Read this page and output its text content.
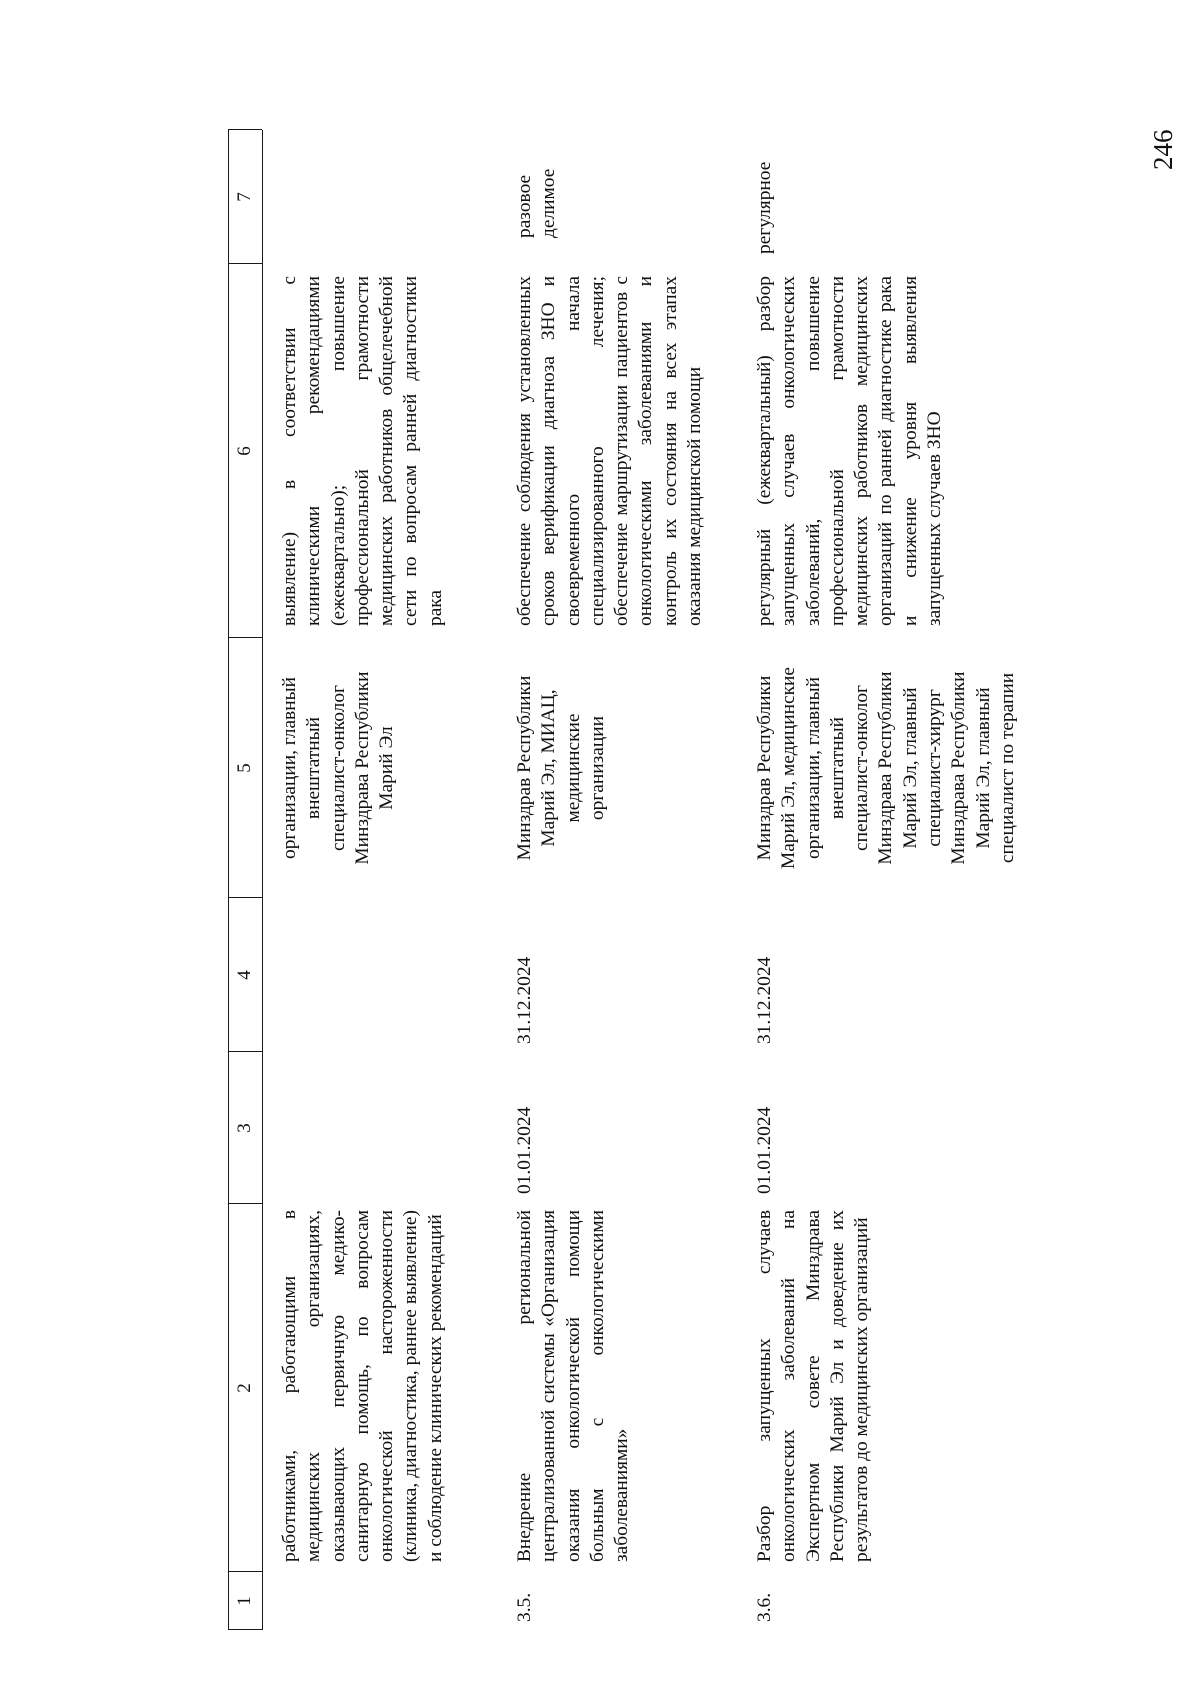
246
1
2
3
4
5
6
7
работниками, работающими в медицинских организациях, оказывающих первичную медико-санитарную помощь, по вопросам онкологической настороженности (клиника, диагностика, раннее выявление) и соблюдение клинических рекомендаций
организации, главный внештатный специалист-онколог Минздрава Республики Марий Эл
выявление) в соответствии с клиническими рекомендациями (ежеквартально); повышение профессиональной грамотности медицинских работников общелечебной сети по вопросам ранней диагностики рака
3.5.
Внедрение региональной централизованной системы «Организация оказания онкологической помощи больным с онкологическими заболеваниями»
01.01.2024
31.12.2024
Минздрав Республики Марий Эл, МИАЦ, медицинские организации
обеспечение соблюдения установленных сроков верификации диагноза ЗНО и своевременного начала специализированного лечения; обеспечение маршрутизации пациентов с онкологическими заболеваниями и контроль их состояния на всех этапах оказания медицинской помощи
разовое делимое
3.6.
Разбор запущенных случаев онкологических заболеваний на Экспертном совете Минздрава Республики Марий Эл и доведение их результатов до медицинских организаций
01.01.2024
31.12.2024
Минздрав Республики Марий Эл, медицинские организации, главный внештатный специалист-онколог Минздрава Республики Марий Эл, главный специалист-хирург Минздрава Республики Марий Эл, главный специалист по терапии
регулярный (ежеквартальный) разбор запущенных случаев онкологических заболеваний, повышение профессиональной грамотности медицинских работников медицинских организаций по ранней диагностике рака и снижение уровня выявления запущенных случаев ЗНО
регулярное
